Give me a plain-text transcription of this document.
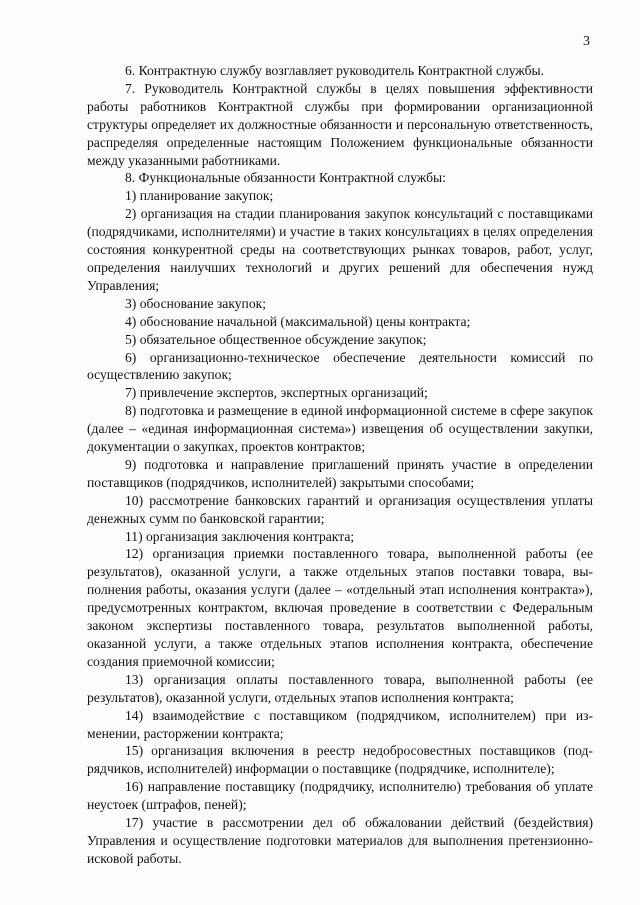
3

6. Контрактную службу возглавляет руководитель Контрактной службы.

7. Руководитель Контрактной службы в целях повышения эффективности работы работников Контрактной службы при формировании организационной структуры определяет их должностные обязанности и персональную ответственность, распределяя определенные настоящим Положением функциональные обязанности между указанными работниками.

8. Функциональные обязанности Контрактной службы:

1) планирование закупок;

2) организация на стадии планирования закупок консультаций с поставщиками (подрядчиками, исполнителями) и участие в таких консультациях в целях определения состояния конкурентной среды на соответствующих рынках товаров, работ, услуг, определения наилучших технологий и других решений для обеспечения нужд Управления;

3) обоснование закупок;

4) обоснование начальной (максимальной) цены контракта;

5) обязательное общественное обсуждение закупок;

6) организационно-техническое обеспечение деятельности комиссий по осуществлению закупок;

7) привлечение экспертов, экспертных организаций;

8) подготовка и размещение в единой информационной системе в сфере закупок (далее – «единая информационная система») извещения об осуществлении закупки, документации о закупках, проектов контрактов;

9) подготовка и направление приглашений принять участие в определении поставщиков (подрядчиков, исполнителей) закрытыми способами;

10) рассмотрение банковских гарантий и организация осуществления уплаты денежных сумм по банковской гарантии;

11) организация заключения контракта;

12) организация приемки поставленного товара, выполненной работы (ее результатов), оказанной услуги, а также отдельных этапов поставки товара, выполнения работы, оказания услуги (далее – «отдельный этап исполнения контракта»), предусмотренных контрактом, включая проведение в соответствии с Федеральным законом экспертизы поставленного товара, результатов выполненной работы, оказанной услуги, а также отдельных этапов исполнения контракта, обеспечение создания приемочной комиссии;

13) организация оплаты поставленного товара, выполненной работы (ее результатов), оказанной услуги, отдельных этапов исполнения контракта;

14) взаимодействие с поставщиком (подрядчиком, исполнителем) при изменении, расторжении контракта;

15) организация включения в реестр недобросовестных поставщиков (подрядчиков, исполнителей) информации о поставщике (подрядчике, исполнителе);

16) направление поставщику (подрядчику, исполнителю) требования об уплате неустоек (штрафов, пеней);

17) участие в рассмотрении дел об обжаловании действий (бездействия) Управления и осуществление подготовки материалов для выполнения претензионно-исковой работы.
